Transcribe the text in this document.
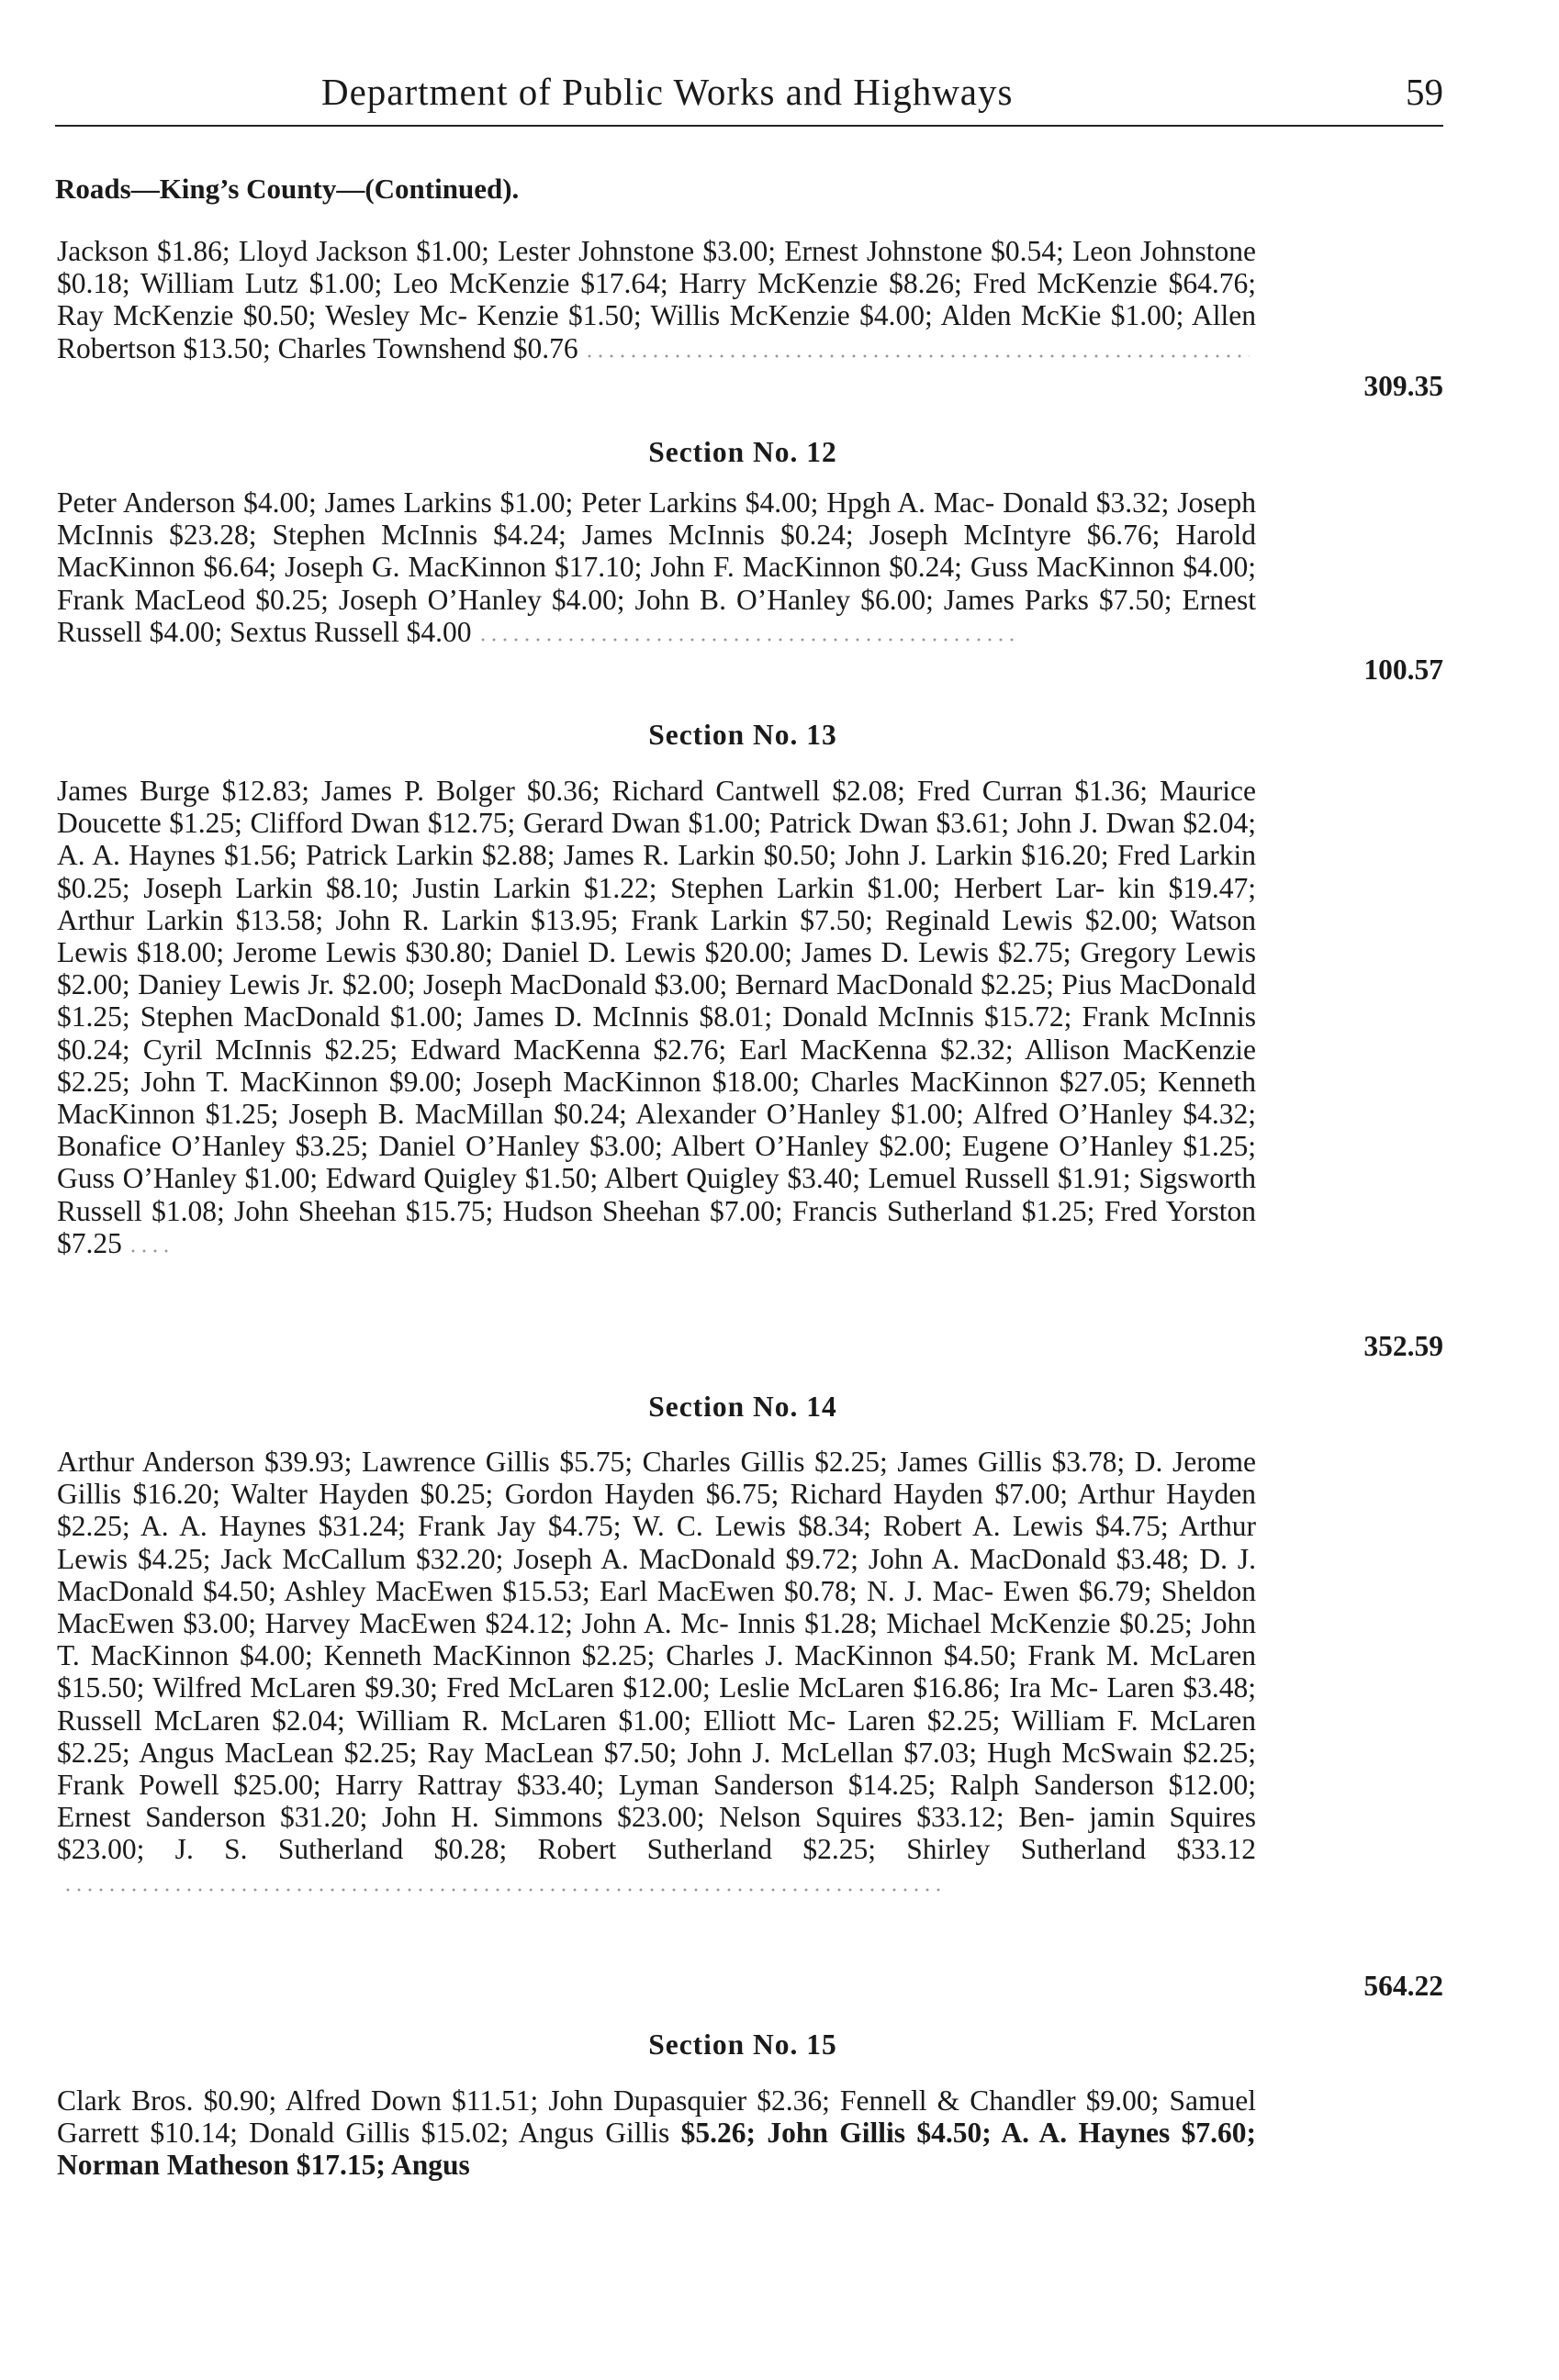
Department of Public Works and Highways	59
Roads—King’s County—(Continued).
Jackson $1.86; Lloyd Jackson $1.00; Lester Johnstone $3.00; Ernest Johnstone $0.54; Leon Johnstone $0.18; William Lutz $1.00; Leo McKenzie $17.64; Harry McKenzie $8.26; Fred McKenzie $64.76; Ray McKenzie $0.50; Wesley Mc- Kenzie $1.50; Willis McKenzie $4.00; Alden McKie $1.00; Allen Robertson $13.50; Charles Townshend $0.76
309.35
Section No. 12
Peter Anderson $4.00; James Larkins $1.00; Peter Larkins $4.00; Hpgh A. Mac- Donald $3.32; Joseph McInnis $23.28; Stephen McInnis $4.24; James McInnis $0.24; Joseph McIntyre $6.76; Harold MacKinnon $6.64; Joseph G. MacKinnon $17.10; John F. MacKinnon $0.24; Guss MacKinnon $4.00; Frank MacLeod $0.25; Joseph O’Hanley $4.00; John B. O’Hanley $6.00; James Parks $7.50; Ernest Russell $4.00; Sextus Russell $4.00
100.57
Section No. 13
James Burge $12.83; James P. Bolger $0.36; Richard Cantwell $2.08; Fred Curran $1.36; Maurice Doucette $1.25; Clifford Dwan $12.75; Gerard Dwan $1.00; Patrick Dwan $3.61; John J. Dwan $2.04; A. A. Haynes $1.56; Patrick Larkin $2.88; James R. Larkin $0.50; John J. Larkin $16.20; Fred Larkin $0.25; Joseph Larkin $8.10; Justin Larkin $1.22; Stephen Larkin $1.00; Herbert Lar- kin $19.47; Arthur Larkin $13.58; John R. Larkin $13.95; Frank Larkin $7.50; Reginald Lewis $2.00; Watson Lewis $18.00; Jerome Lewis $30.80; Daniel D. Lewis $20.00; James D. Lewis $2.75; Gregory Lewis $2.00; Daniey Lewis Jr. $2.00; Joseph MacDonald $3.00; Bernard MacDonald $2.25; Pius MacDonald $1.25; Stephen MacDonald $1.00; James D. McInnis $8.01; Donald McInnis $15.72; Frank McInnis $0.24; Cyril McInnis $2.25; Edward MacKenna $2.76; Earl MacKenna $2.32; Allison MacKenzie $2.25; John T. MacKinnon $9.00; Joseph MacKinnon $18.00; Charles MacKinnon $27.05; Kenneth MacKinnon $1.25; Joseph B. MacMillan $0.24; Alexander O’Hanley $1.00; Alfred O’Hanley $4.32; Bonafice O’Hanley $3.25; Daniel O’Hanley $3.00; Albert O’Hanley $2.00; Eugene O’Hanley $1.25; Guss O’Hanley $1.00; Edward Quigley $1.50; Albert Quigley $3.40; Lemuel Russell $1.91; Sigsworth Russell $1.08; John Sheehan $15.75; Hudson Sheehan $7.00; Francis Sutherland $1.25; Fred Yorston $7.25
352.59
Section No. 14
Arthur Anderson $39.93; Lawrence Gillis $5.75; Charles Gillis $2.25; James Gillis $3.78; D. Jerome Gillis $16.20; Walter Hayden $0.25; Gordon Hayden $6.75; Richard Hayden $7.00; Arthur Hayden $2.25; A. A. Haynes $31.24; Frank Jay $4.75; W. C. Lewis $8.34; Robert A. Lewis $4.75; Arthur Lewis $4.25; Jack McCallum $32.20; Joseph A. MacDonald $9.72; John A. MacDonald $3.48; D. J. MacDonald $4.50; Ashley MacEwen $15.53; Earl MacEwen $0.78; N. J. Mac- Ewen $6.79; Sheldon MacEwen $3.00; Harvey MacEwen $24.12; John A. Mc- Innis $1.28; Michael McKenzie $0.25; John T. MacKinnon $4.00; Kenneth MacKinnon $2.25; Charles J. MacKinnon $4.50; Frank M. McLaren $15.50; Wilfred McLaren $9.30; Fred McLaren $12.00; Leslie McLaren $16.86; Ira Mc- Laren $3.48; Russell McLaren $2.04; William R. McLaren $1.00; Elliott Mc- Laren $2.25; William F. McLaren $2.25; Angus MacLean $2.25; Ray MacLean $7.50; John J. McLellan $7.03; Hugh McSwain $2.25; Frank Powell $25.00; Harry Rattray $33.40; Lyman Sanderson $14.25; Ralph Sanderson $12.00; Ernest Sanderson $31.20; John H. Simmons $23.00; Nelson Squires $33.12; Ben- jamin Squires $23.00; J. S. Sutherland $0.28; Robert Sutherland $2.25; Shirley Sutherland $33.12
564.22
Section No. 15
Clark Bros. $0.90; Alfred Down $11.51; John Dupasquier $2.36; Fennell & Chandler $9.00; Samuel Garrett $10.14; Donald Gillis $15.02; Angus Gillis $5.26; John Gillis $4.50; A. A. Haynes $7.60; Norman Matheson $17.15; Angus
